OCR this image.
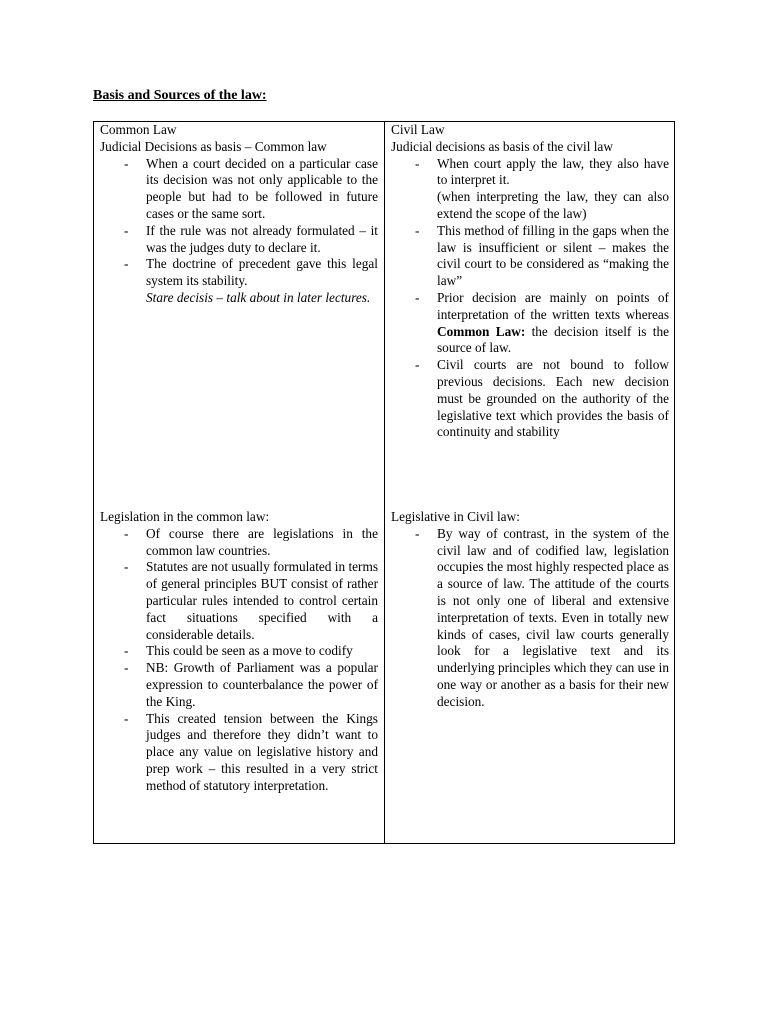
Basis and Sources of the law:

Common Law

Judicial Decisions as basis – Common law

- When a court decided on a particular case its decision was not only applicable to the people but had to be followed in future cases or the same sort.
- If the rule was not already formulated – it was the judges duty to declare it.
- The doctrine of precedent gave this legal system its stability.
Stare decisis – talk about in later lectures.

Civil Law

Judicial decisions as basis of the civil law

- When court apply the law, they also have to interpret it.
(when interpreting the law, they can also extend the scope of the law)
- This method of filling in the gaps when the law is insufficient or silent – makes the civil court to be considered as “making the law”
- Prior decision are mainly on points of interpretation of the written texts whereas Common Law: the decision itself is the source of law.
- Civil courts are not bound to follow previous decisions. Each new decision must be grounded on the authority of the legislative text which provides the basis of continuity and stability

Legislation in the common law:

- Of course there are legislations in the common law countries.
- Statutes are not usually formulated in terms of general principles BUT consist of rather particular rules intended to control certain fact situations specified with a considerable details.
- This could be seen as a move to codify
- NB: Growth of Parliament was a popular expression to counterbalance the power of the King.
- This created tension between the Kings judges and therefore they didn’t want to place any value on legislative history and prep work – this resulted in a very strict method of statutory interpretation.

Legislative in Civil law:

- By way of contrast, in the system of the civil law and of codified law, legislation occupies the most highly respected place as a source of law. The attitude of the courts is not only one of liberal and extensive interpretation of texts. Even in totally new kinds of cases, civil law courts generally look for a legislative text and its underlying principles which they can use in one way or another as a basis for their new decision.
